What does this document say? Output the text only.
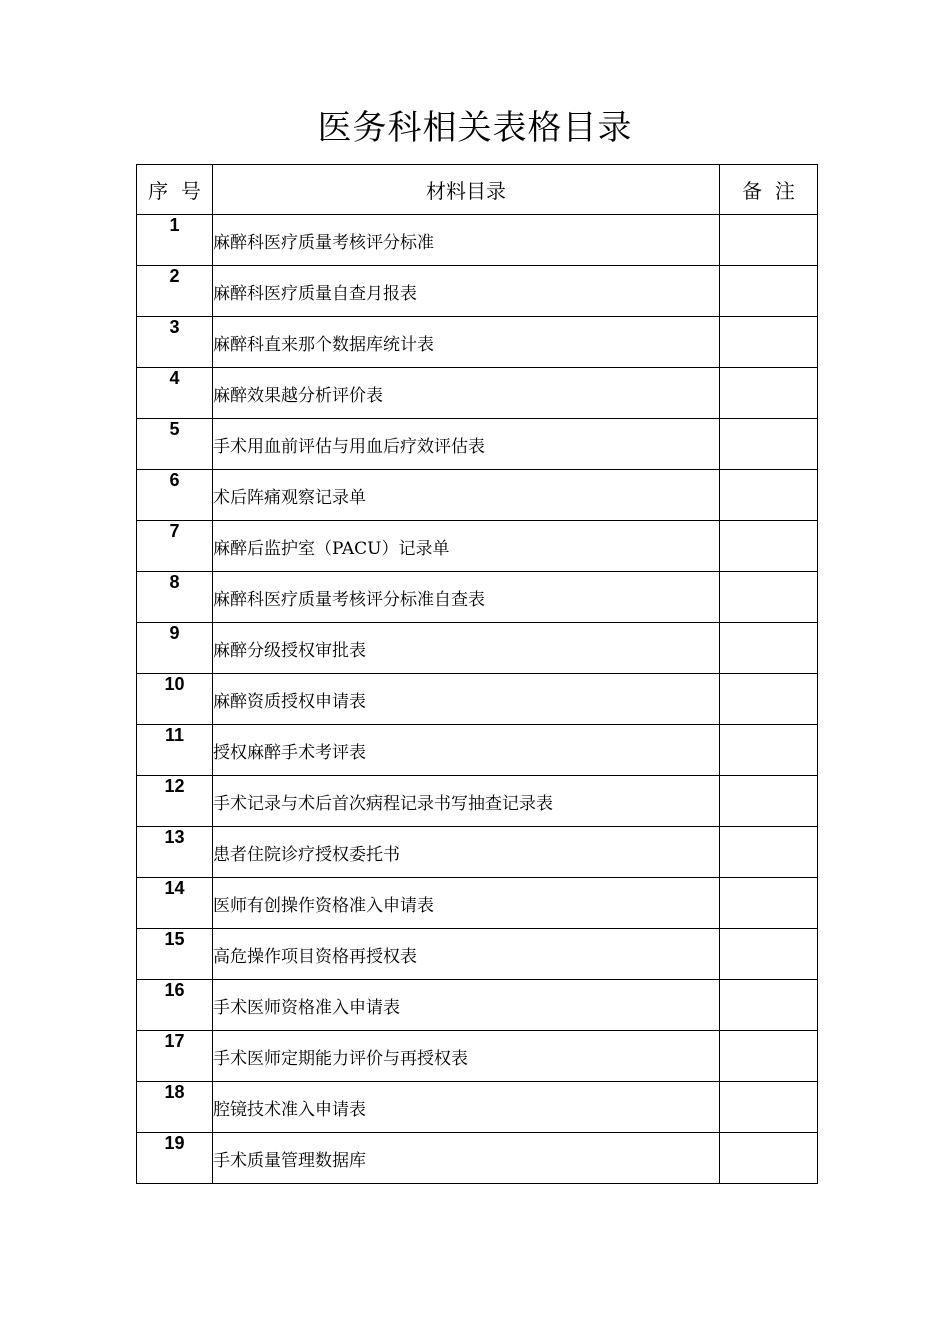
医务科相关表格目录
序  号	材料目录	备  注
1	麻醉科医疗质量考核评分标准	
2	麻醉科医疗质量自查月报表	
3	麻醉科直来那个数据库统计表	
4	麻醉效果越分析评价表	
5	手术用血前评估与用血后疗效评估表	
6	术后阵痛观察记录单	
7	麻醉后监护室（PACU）记录单	
8	麻醉科医疗质量考核评分标准自查表	
9	麻醉分级授权审批表	
10	麻醉资质授权申请表	
11	授权麻醉手术考评表	
12	手术记录与术后首次病程记录书写抽查记录表	
13	患者住院诊疗授权委托书	
14	医师有创操作资格准入申请表	
15	高危操作项目资格再授权表	
16	手术医师资格准入申请表	
17	手术医师定期能力评价与再授权表	
18	腔镜技术准入申请表	
19	手术质量管理数据库	
